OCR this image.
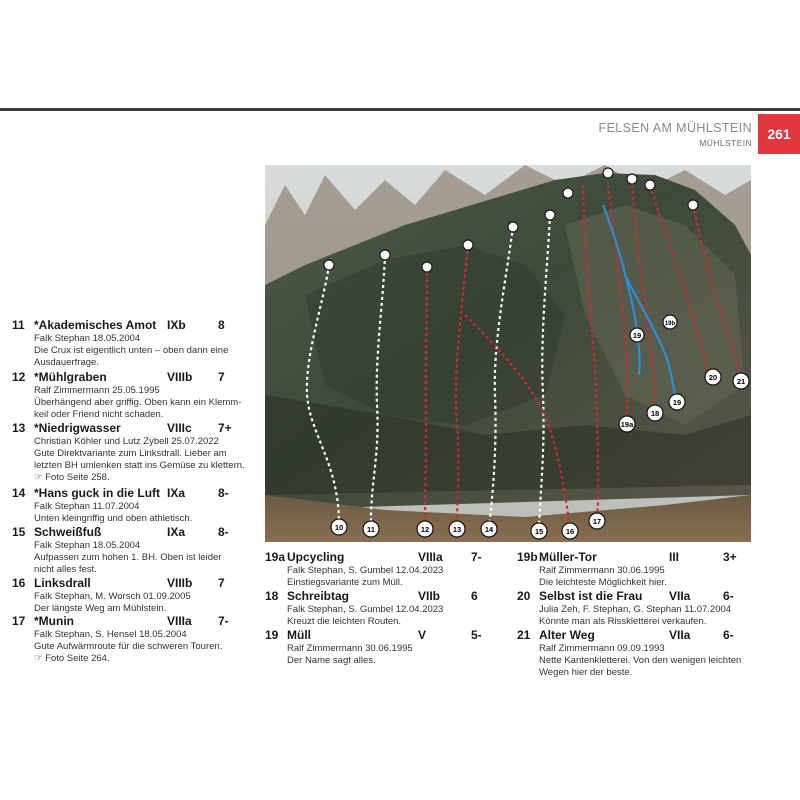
FELSEN AM MÜHLSTEIN
MÜHLSTEIN
261
10	11	12	13	14	15	16
17
18
19
19a
19b
20	21
19
11 *Akademisches Amot IXb	8
Falk Stephan 18.05.2004
Die Crux ist eigentlich unten – oben dann eine
Ausdauerfrage.
12 *Mühlgraben	VIIIb 7
Ralf Zimmermann 25.05.1995
Überhängend aber griffig. Oben kann ein Klemm-
keil oder Friend nicht schaden.
13 *Niedrigwasser	VIIIc 7+
Christian Köhler und Lutz Zybell 25.07.2022
Gute Direktvariante zum Linksdrall. Lieber am
letzten BH umlenken statt ins Gemüse zu klettern.
☞ Foto Seite 258.
14 *Hans guck in die Luft IXa	8-
Falk Stephan 11.07.2004
Unten kleingriffig und oben athletisch.
15 Schweißfuß	IXa	8-
Falk Stephan 18.05.2004
Aufpassen zum hohen 1. BH. Oben ist leider
nicht alles fest.
16 Linksdrall	VIIIb 7
Falk Stephan, M. Worsch 01.09.2005
Der längste Weg am Mühlstein.
17 *Munin	VIIIa 7-
Falk Stephan, S. Hensel 18.05.2004
Gute Aufwärmroute für die schweren Touren.
☞ Foto Seite 264.
19a Upcycling	VIIIa 7-
Falk Stephan, S. Gumbel 12.04.2023
Einstiegsvariante zum Müll.
18 Schreibtag	VIIb	6
Falk Stephan, S. Gumbel 12.04.2023
Kreuzt die leichten Routen.
19 Müll	V	5-
Ralf Zimmermann 30.06.1995
Der Name sagt alles.
19b Müller-Tor	III	3+
Ralf Zimmermann 30.06.1995
Die leichteste Möglichkeit hier.
20 Selbst ist die Frau VIIa	6-
Julia Zeh, F. Stephan, G. Stephan 11.07.2004
Könnte man als Risskletterei verkaufen.
21 Alter Weg	VIIa	6-
Ralf Zimmermann 09.09.1993
Nette Kantenkletterei. Von den wenigen leichten
Wegen hier der beste.
